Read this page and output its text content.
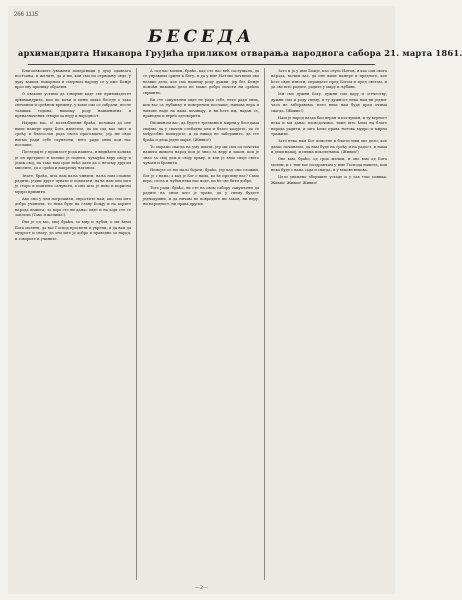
266 1115
БЕСЕДА
архимандрита Никанора Грујића приликом отварања народнога сабора 21. марта 1861.

Благоизволите уважени повереници у духу одавнога постоања, и желите, да и ми, кои смо по отрицању овде, у духу вашем, покорном и смерном народу се у име Божје кроз ову прилику обратим.

О овакове устима да говорим каде све призывадесет архимандрита, кои по вољи и мени овако беседе о тако свечаном и срећном времену, у коме смо се сабрали, после толиких година, нашему роду наименитих и преназначених ствари за веру и народност.

Најпрво вас, о! возлюбленни браћо, позивам да оне ваше намере пред Бога изнесете, да их сад као чист и срећу и благослов рода свога проглядате; јер ми овде нисмо ради себе скупљени, него ради оних кои нас послаше.

Погледајте у прошлост рода нашега, и видићете колико је он претрпео и колико је поднео, чувајући веру своју и језик свој; па тако вам срце неће дати да о нечему другом мислите, до о срећи и напретку његовом.

Знате, браћо, шта нам ваља чинити: ваља нам сложно радити, једни друге чувати и помагати; ваља нам оно што је старо и поштено сачувати, а оно што је ново и корисно мудро примити.

Ако смо у чем погрешили, опростите нам; ако смо што добро учинили, то нека буде на славу Божју и на корист народа нашега, за који сте ви данас овде и на који сте се заклели (Тако и желимо!).

Ово је од вас, овој браћи, за мир и љубав; а ми ћемо Бога молити, да вас Господ просвети и укрепи, и да вам да мудрост и снагу, да оно што је добро и праведно за народ, и говорите и учините.

А сад вас молим, браћо, кад сте нас већ саслушали, да се управимо срцем к Богу, и да у име Његово почнемо ово велико дело, кое смо нашему роду дужни; јер без Божје помоћи никакво дело не може добро почети ни срећно свршити.

Ви сте сакупљени овде не ради себе, него ради оних, кои вас са љубављу и поверењем послаше; њихова вера и њихове наде на вама почивају, и ви ћете им, надам се, праведно и верно одговорити.

Опомињем вас, да будете трезвени и мирни у беседама својим, да у свачем слободно али и благо казујете, да се међусобно поштујете, и да никад не заборавите, да сте браћа и деца једне мајке. (Живио!)

То морамо свагда на уму имати, јер ми смо од почетка нашега живота народ кои је знао за веру и закон, кои је знао за свој дом и своју цркву, и кои је знао своје свето чувати и бранити.

Немојте се ни мало бојати, браћо, јер кад смо сложни, Бог је с нама; а кад је Бог с нама, ко ће противу нас? Само вера, слога и љубав нека нас воде, па ће све бити добро.

Тога ради, браћо, ви сте на овом сабору сакупљени да радите на оном што је право, да у свему будете једнодушни, и да ничим не повредите ни закон, ни веру, ни народност, ни права других.

Зато и ја у име Божје, као слуга Његов, и као син овога народа, молим вас, да оне ваше намере и предлоге, кое ћете овде изнети, оправдате пред Богом и пред светом, и да све што радите, радите у миру и љубави.

Ми смо дужни Богу, дужни смо цару и отечеству, дужни смо и роду свему, и ту дужност нека нам ни једног часа не заборавимо, него нека нам буде пред очима свагда. (Живио!)

Наш је народ вазда био веран и послушан, и ту верност нека и ми данас посведочимо, тиме што ћемо на благо народа радити, и што ћемо права његова мудро и мирно тражити.

Зато нека нам Бог помогне и благослови ово дело, кое данас почињемо, да нам буде на срећу и на радост, и нама и деци нашој, и свима поколењима. (Живио!)

Ово вам, браћо, од срца желим, и ово вам од Бога молим, и с тим вас поздрављам у име Господа нашега, кои нека буде с вама сада и свагда, и у векове векова.

Цело уважено збориште устаде и у сав глас повика: Живио! Живио! Живио!

—2—
